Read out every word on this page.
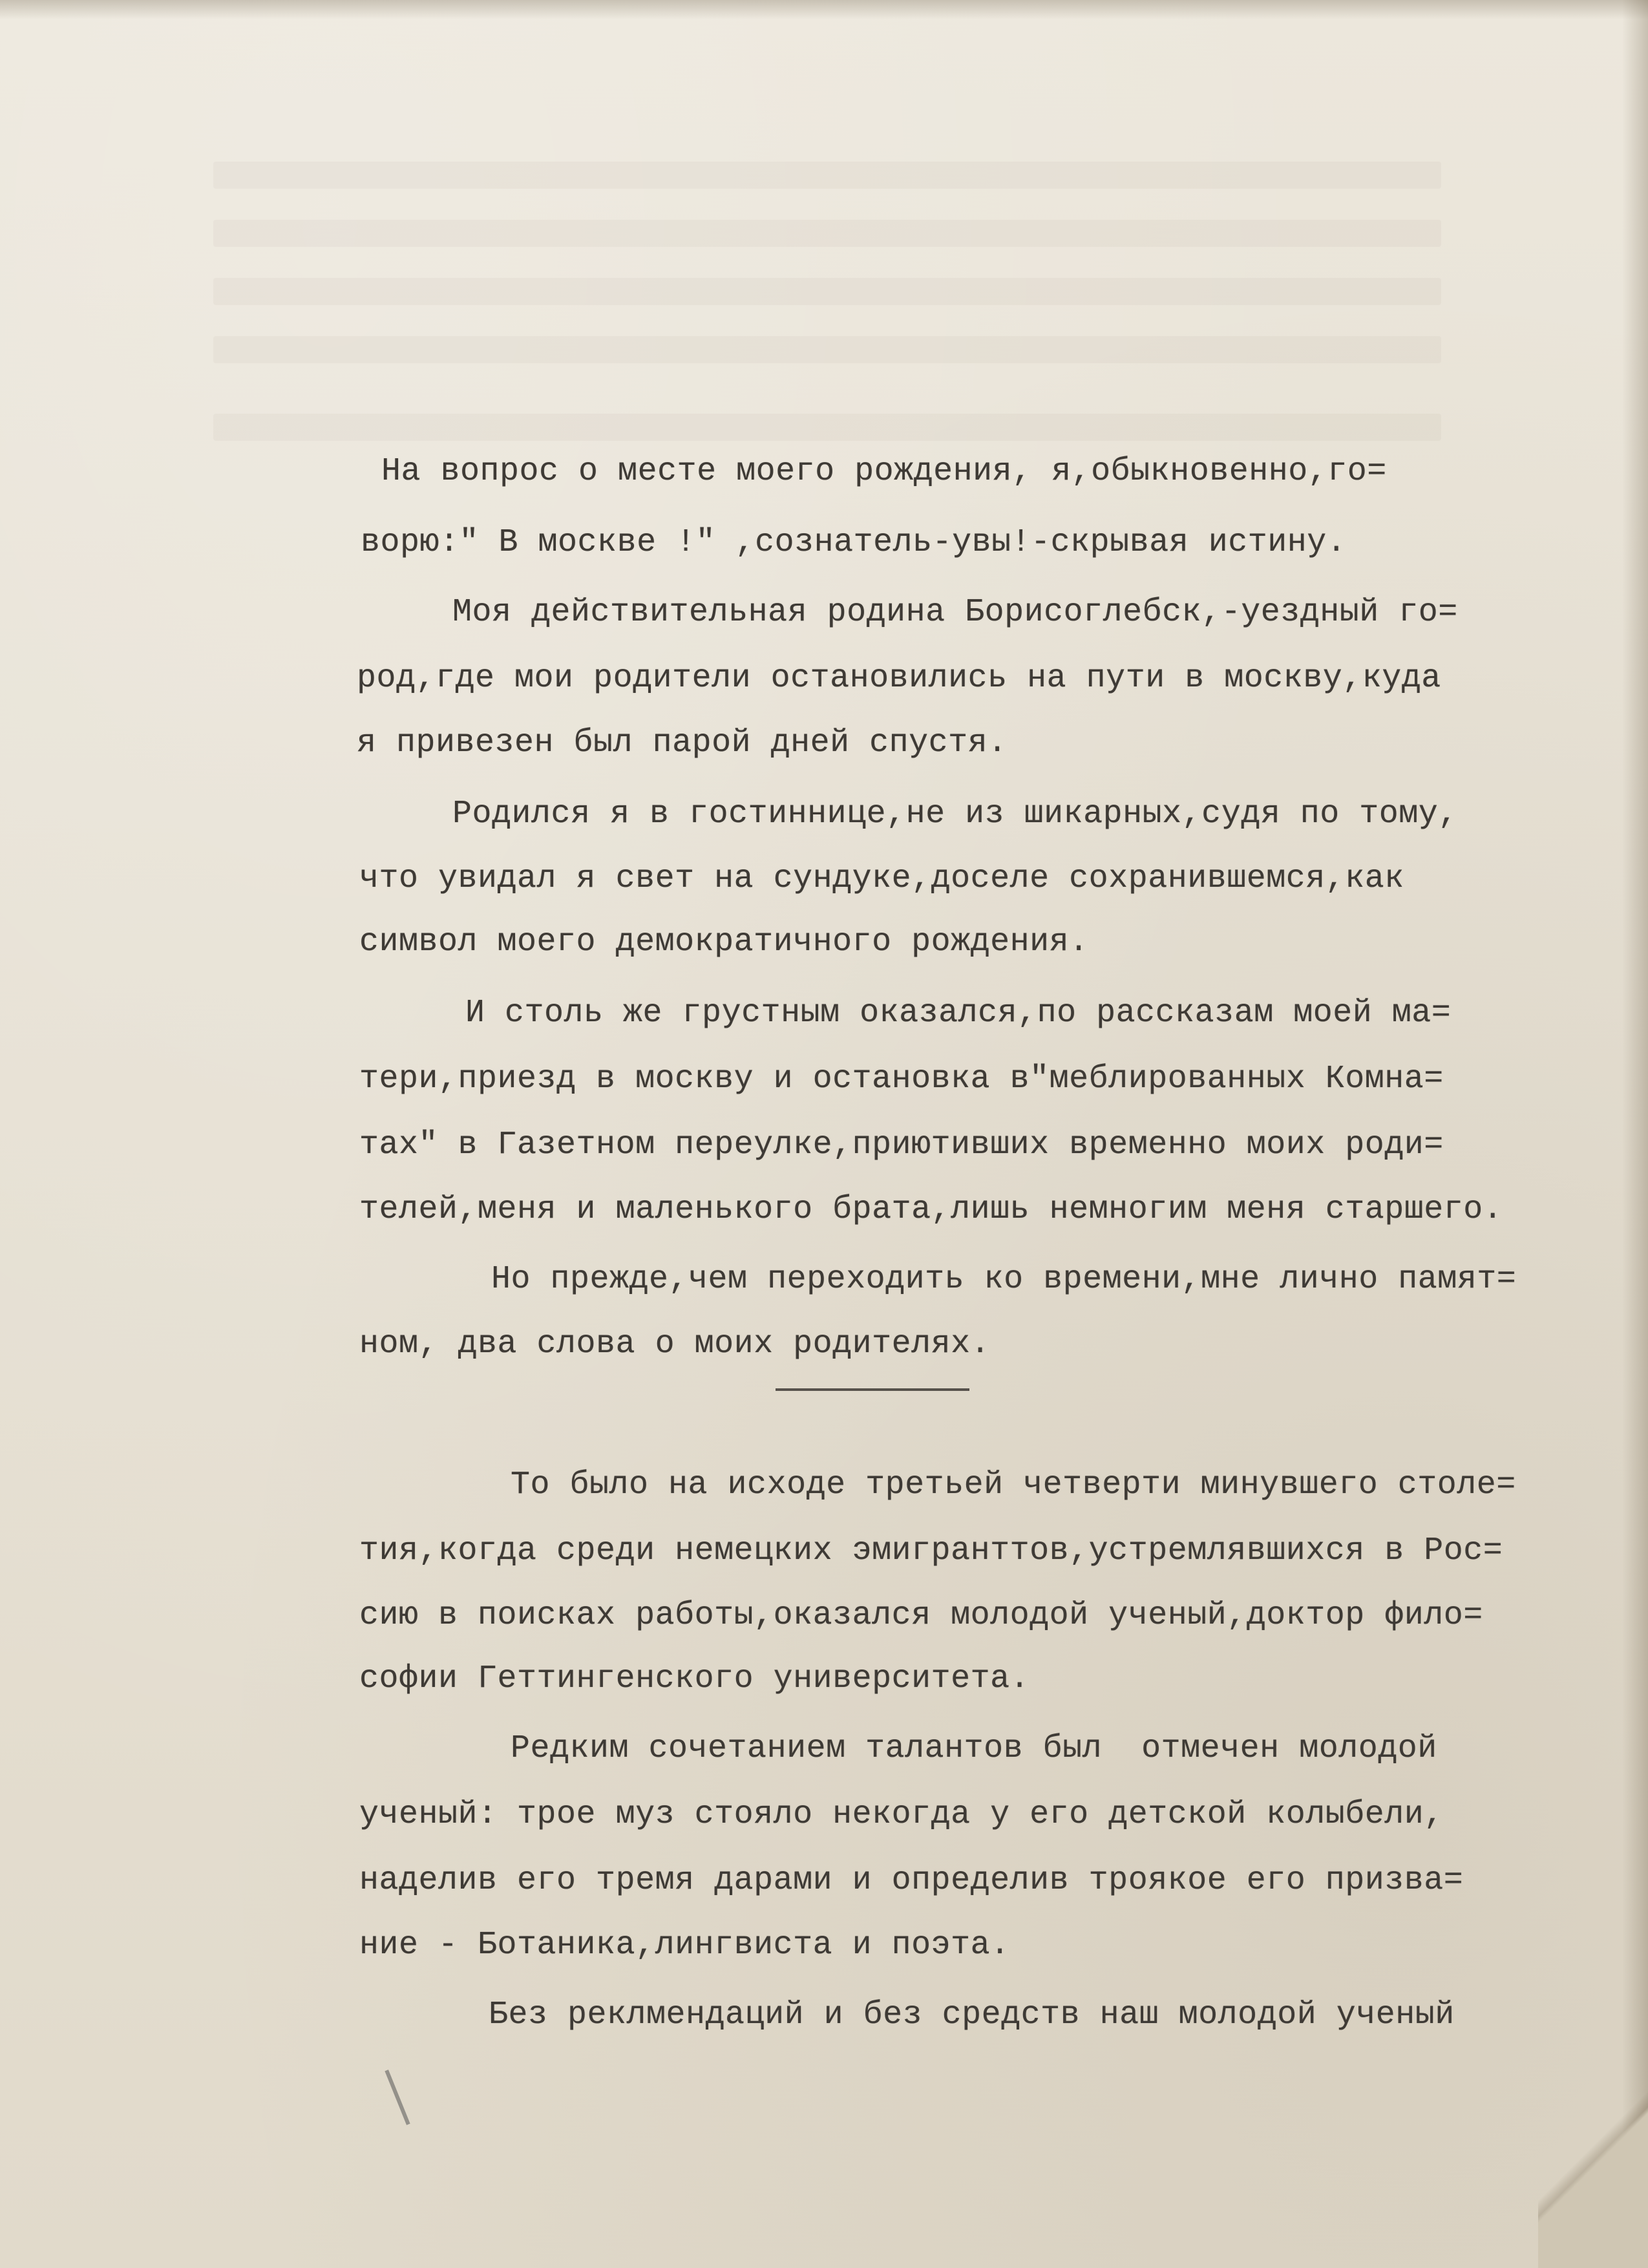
На вопрос о месте моего рождения, я,обыкновенно,го=
ворю:" В москве !" ,сознатель-увы!-скрывая истину.
Моя действительная родина Борисоглебск,-уездный го=
род,где мои родители остановились на пути в москву,куда
я привезен был парой дней спустя.
Родился я в гостиннице,не из шикарных,судя по тому,
что увидал я свет на сундуке,доселе сохранившемся,как
символ моего демократичного рождения.
И столь же грустным оказался,по рассказам моей ма=
тери,приезд в москву и остановка в"меблированных Комна=
тах" в Газетном переулке,приютивших временно моих роди=
телей,меня и маленького брата,лишь немногим меня старшего.
Но прежде,чем переходить ко времени,мне лично памят=
ном, два слова о моих родителях.
То было на исходе третьей четверти минувшего столе=
тия,когда среди немецких эмигранттов,устремлявшихся в Рос=
сию в поисках работы,оказался молодой ученый,доктор фило=
софии Геттингенского университета.
Редким сочетанием талантов был  отмечен молодой
ученый: трое муз стояло некогда у его детской колыбели,
наделив его тремя дарами и определив трoякое его призва=
ние - Ботаника,лингвиста и поэта.
Без реклмендаций и без средств наш молодой ученый
